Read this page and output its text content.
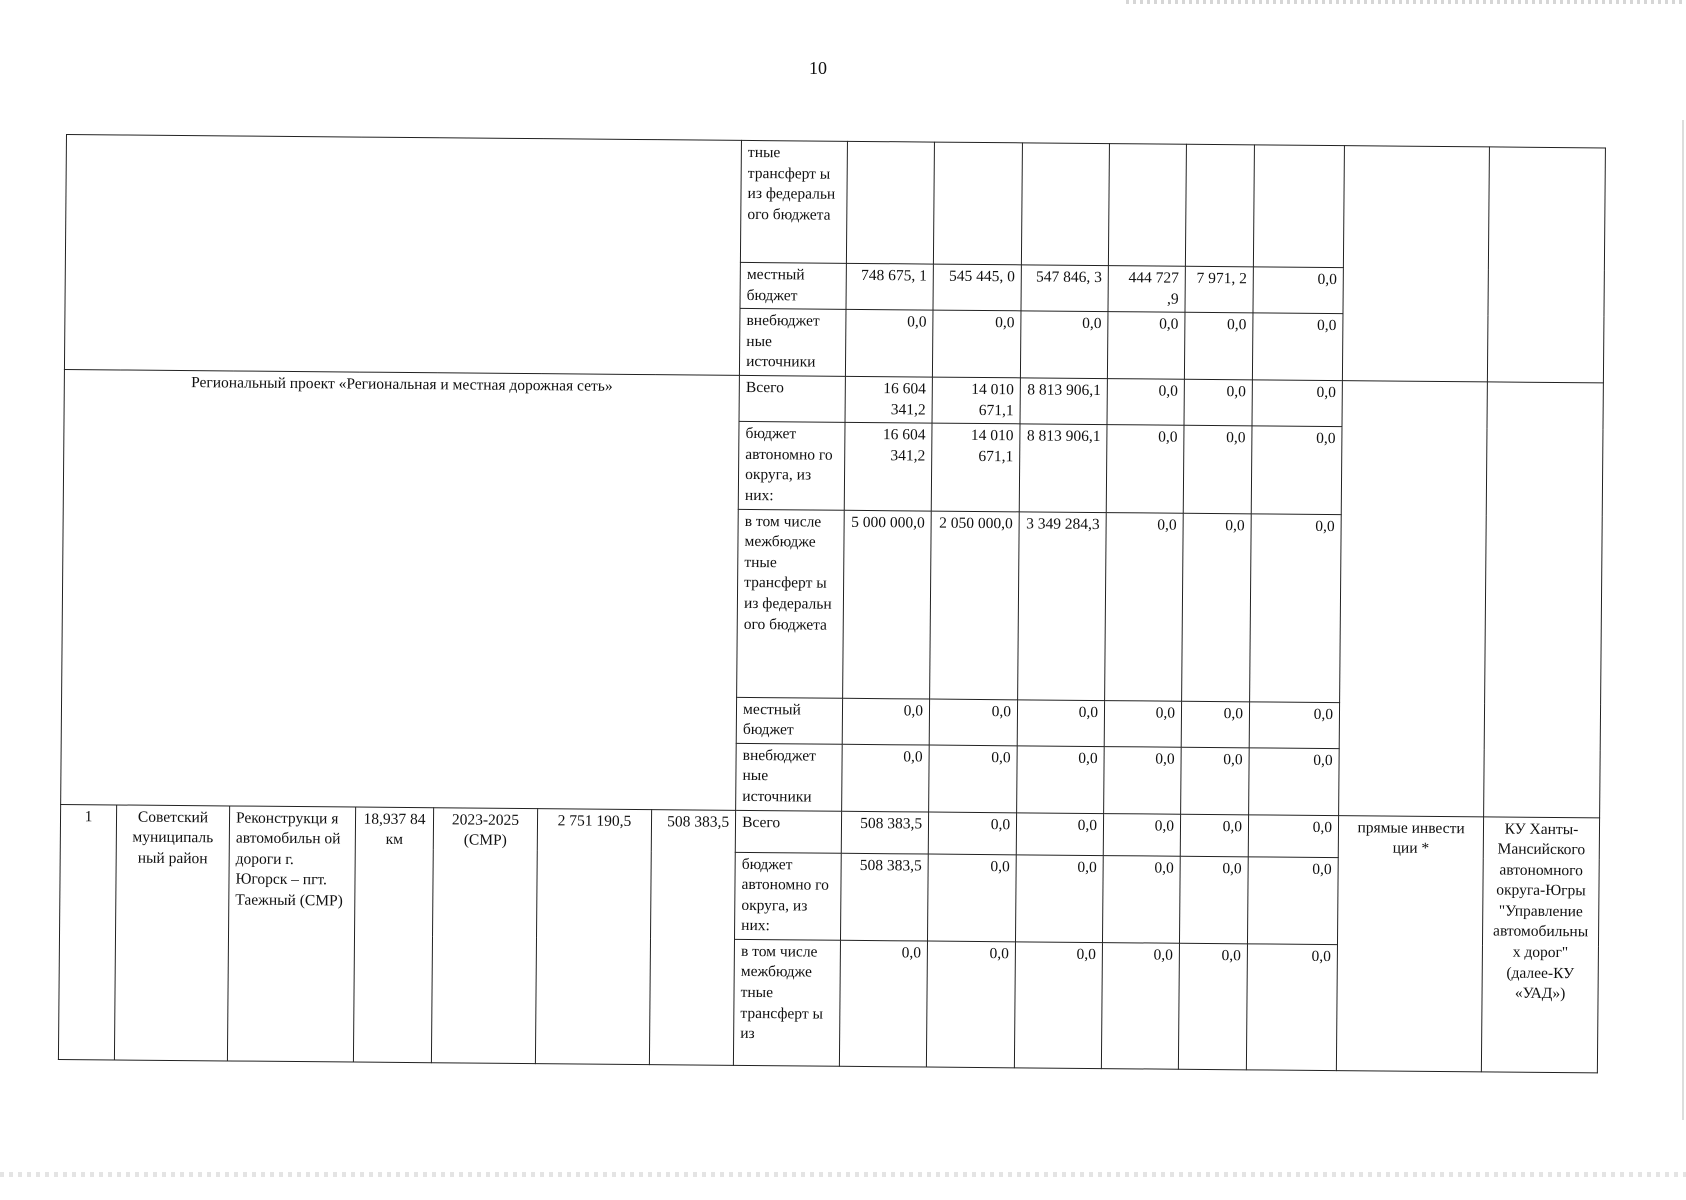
10
							тные трансферт ы из федеральн ого бюджета								
							местный бюджет	748 675, 1	545 445, 0	547 846, 3	444 727 ,9	7 971, 2	0,0		
							внебюджет ные источники	0,0	0,0	0,0	0,0	0,0	0,0		
Региональный проект «Региональная и местная дорожная сеть»							Всего	16 604 341,2	14 010 671,1	8 813 906,1	0,0	0,0	0,0		
							бюджет автономно го округа, из них:	16 604 341,2	14 010 671,1	8 813 906,1	0,0	0,0	0,0		
							в том числе межбюдже тные трансферт ы из федеральн ого бюджета	5 000 000,0	2 050 000,0	3 349 284,3	0,0	0,0	0,0		
							местный бюджет	0,0	0,0	0,0	0,0	0,0	0,0		
							внебюджет ные источники	0,0	0,0	0,0	0,0	0,0	0,0		
1	Советский муниципаль ный район	Реконструкци я автомобильн ой дороги г. Югорск – пгт. Таежный (СМР)	18,937 84 км	2023-2025 (СМР)	2 751 190,5	508 383,5	Всего	508 383,5	0,0	0,0	0,0	0,0	0,0	прямые инвести ции *	КУ Ханты-Мансийского автономного округа-Югры "Управление автомобильны х дорог" (далее-КУ «УАД»)
							бюджет автономно го округа, из них:	508 383,5	0,0	0,0	0,0	0,0	0,0		
							в том числе межбюдже тные трансферт ы из	0,0	0,0	0,0	0,0	0,0	0,0		
